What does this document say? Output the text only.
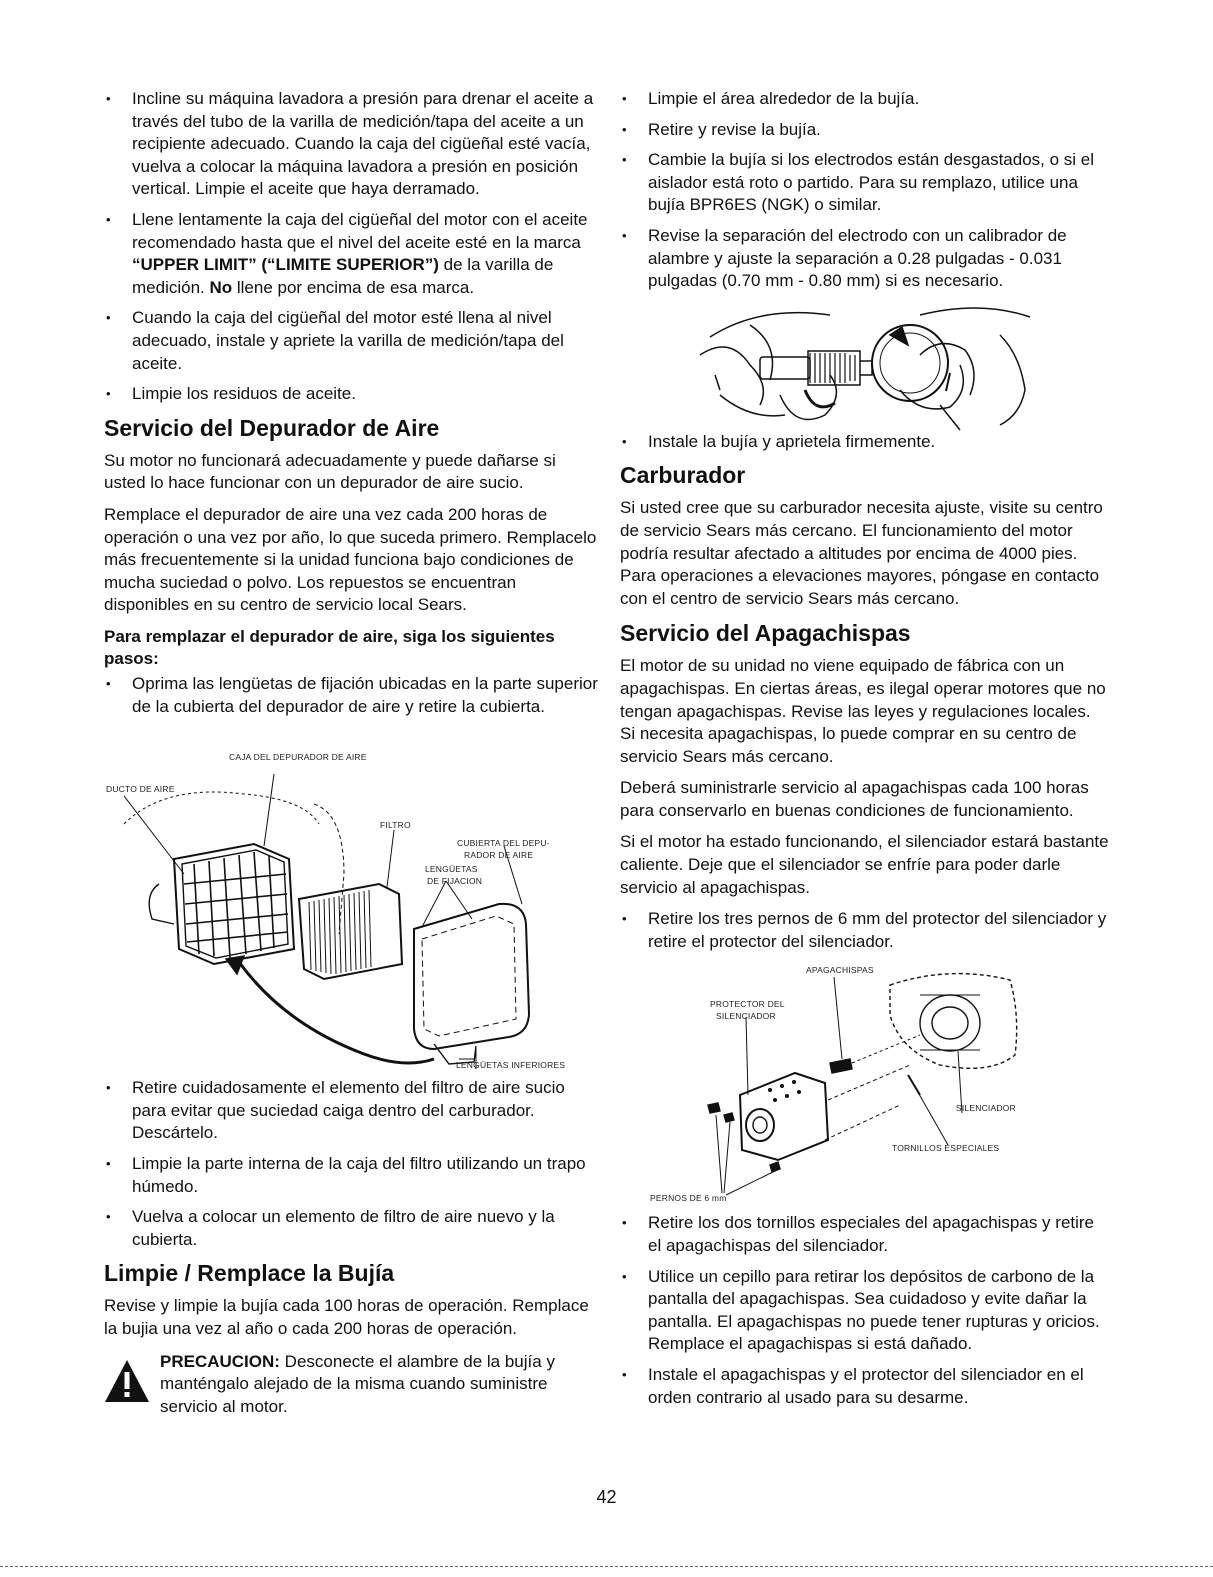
• Incline su máquina lavadora a presión para drenar el aceite a través del tubo de la varilla de medición/tapa del aceite a un recipiente adecuado. Cuando la caja del cigüeñal esté vacía, vuelva a colocar la máquina lavadora a presión en posición vertical. Limpie el aceite que haya derramado.
• Llene lentamente la caja del cigüeñal del motor con el aceite recomendado hasta que el nivel del aceite esté en la marca “UPPER LIMIT” (“LIMITE SUPERIOR”) de la varilla de medición. No llene por encima de esa marca.
• Cuando la caja del cigüeñal del motor esté llena al nivel adecuado, instale y apriete la varilla de medición/tapa del aceite.
• Limpie los residuos de aceite.
Servicio del Depurador de Aire

Su motor no funcionará adecuadamente y puede dañarse si usted lo hace funcionar con un depurador de aire sucio.

Remplace el depurador de aire una vez cada 200 horas de operación o una vez por año, lo que suceda primero. Remplacelo más frecuentemente si la unidad funciona bajo condiciones de mucha suciedad o polvo. Los repuestos se encuentran disponibles en su centro de servicio local Sears.

Para remplazar el depurador de aire, siga los siguientes pasos:

• Oprima las lengüetas de fijación ubicadas en la parte superior de la cubierta del depurador de aire y retire la cubierta.
CAJA DEL DEPURADOR DE AIRE
DUCTO DE AIRE
FILTRO
CUBIERTA DEL DEPU-
RADOR DE AIRE
LENGÜETAS
DE FIJACION
LENGÜETAS INFERIORES
• Retire cuidadosamente el elemento del filtro de aire sucio para evitar que suciedad caiga dentro del carburador. Descártelo.
• Limpie la parte interna de la caja del filtro utilizando un trapo húmedo.
• Vuelva a colocar un elemento de filtro de aire nuevo y la cubierta.
Limpie / Remplace la Bujía

Revise y limpie la bujía cada 100 horas de operación. Remplace la bujia una vez al año o cada 200 horas de operación.

PRECAUCION: Desconecte el alambre de la bujía y manténgalo alejado de la misma cuando suministre servicio al motor.
• Limpie el área alrededor de la bujía.
• Retire y revise la bujía.
• Cambie la bujía si los electrodos están desgastados, o si el aislador está roto o partido. Para su remplazo, utilice una bujía BPR6ES (NGK) o similar.
• Revise la separación del electrodo con un calibrador de alambre y ajuste la separación a 0.28 pulgadas - 0.031 pulgadas (0.70 mm - 0.80 mm) si es necesario.
• Instale la bujía y aprietela firmemente.
Carburador

Si usted cree que su carburador necesita ajuste, visite su centro de servicio Sears más cercano. El funcionamiento del motor podría resultar afectado a altitudes por encima de 4000 pies. Para operaciones a elevaciones mayores, póngase en contacto con el centro de servicio Sears más cercano.

Servicio del Apagachispas

El motor de su unidad no viene equipado de fábrica con un apagachispas. En ciertas áreas, es ilegal operar motores que no tengan apagachispas. Revise las leyes y regulaciones locales. Si necesita apagachispas, lo puede comprar en su centro de servicio Sears más cercano.

Deberá suministrarle servicio al apagachispas cada 100 horas para conservarlo en buenas condiciones de funcionamiento.

Si el motor ha estado funcionando, el silenciador estará bastante caliente. Deje que el silenciador se enfríe para poder darle servicio al apagachispas.

• Retire los tres pernos de 6 mm del protector del silenciador y retire el protector del silenciador.
APAGACHISPAS
PROTECTOR DEL
SILENCIADOR
SILENCIADOR
TORNILLOS ESPECIALES
PERNOS DE 6 mm
• Retire los dos tornillos especiales del apagachispas y retire el apagachispas del silenciador.
• Utilice un cepillo para retirar los depósitos de carbono de la pantalla del apagachispas. Sea cuidadoso y evite dañar la pantalla. El apagachispas no puede tener rupturas y oricios. Remplace el apagachispas si está dañado.
• Instale el apagachispas y el protector del silenciador en el orden contrario al usado para su desarme.
42
